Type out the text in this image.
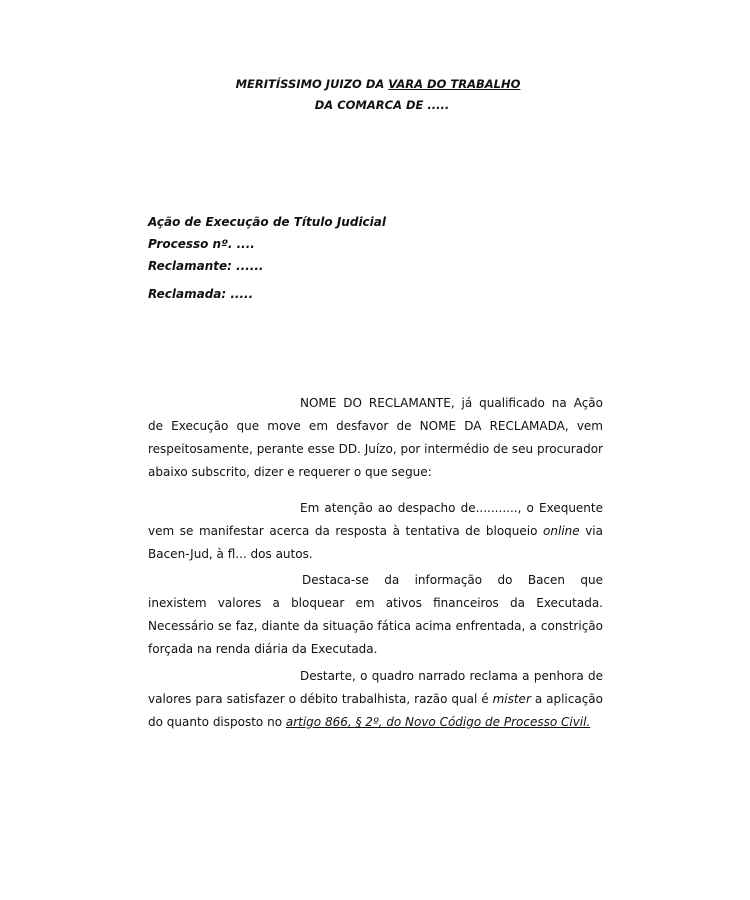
MERITÍSSIMO JUIZO DA VARA DO TRABALHO
DA COMARCA DE .....
Ação de Execução de Título Judicial
Processo nº. ....
Reclamante: ......
Reclamada: .....
NOME DO RECLAMANTE, já qualificado na Ação de Execução que move em desfavor de NOME DA RECLAMADA, vem respeitosamente, perante esse DD. Juízo, por intermédio de seu procurador abaixo subscrito, dizer e requerer o que segue:
Em atenção ao despacho de..........., o Exequente vem se manifestar acerca da resposta à tentativa de bloqueio online via Bacen-Jud, à fl... dos autos.
Destaca-se da informação do Bacen que inexistem valores a bloquear em ativos financeiros da Executada. Necessário se faz, diante da situação fática acima enfrentada, a constrição forçada na renda diária da Executada.
Destarte, o quadro narrado reclama a penhora de valores para satisfazer o débito trabalhista, razão qual é mister a aplicação do quanto disposto no artigo 866, § 2º, do Novo Código de Processo Civil.
